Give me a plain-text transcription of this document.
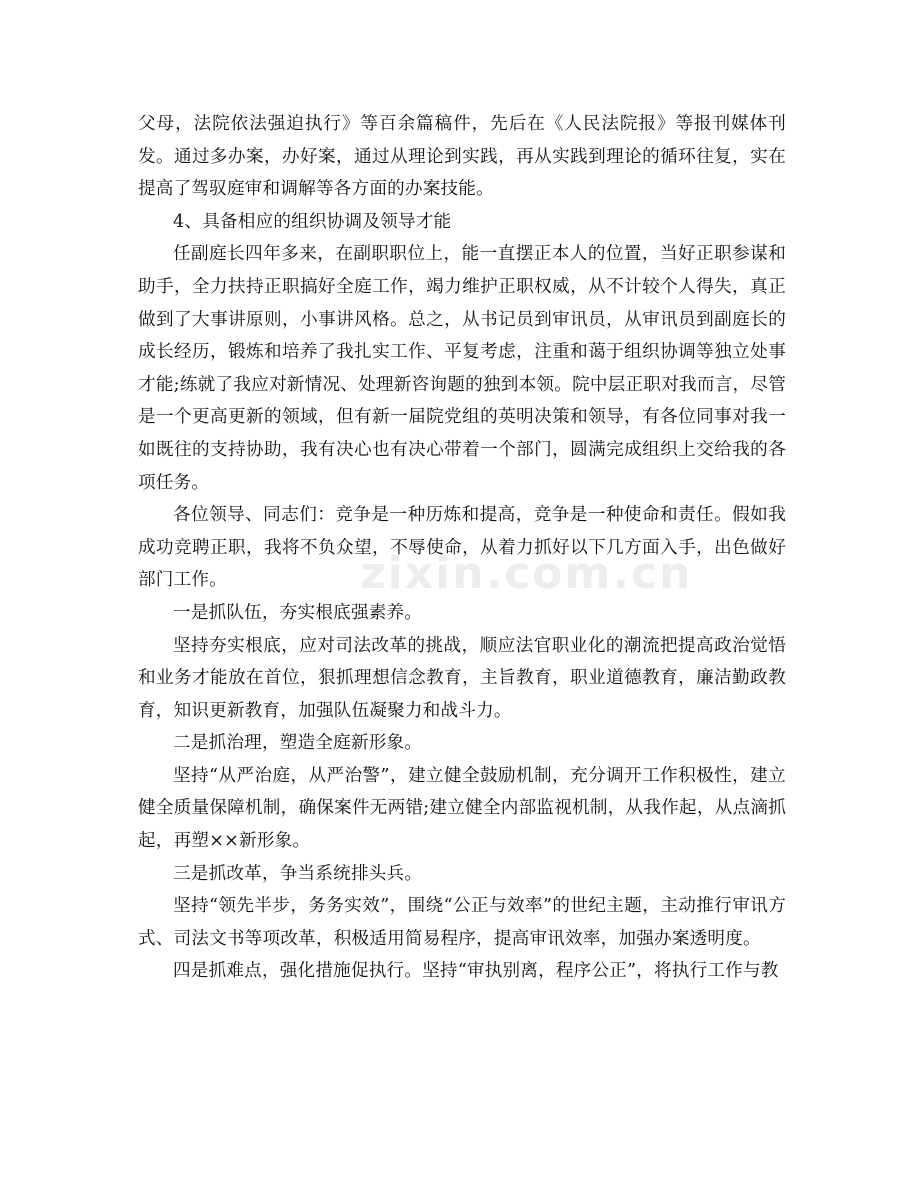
父母，法院依法强迫执行》等百余篇稿件，先后在《人民法院报》等报刊媒体刊发。通过多办案，办好案，通过从理论到实践，再从实践到理论的循环往复，实在提高了驾驭庭审和调解等各方面的办案技能。

4、具备相应的组织协调及领导才能

任副庭长四年多来，在副职职位上，能一直摆正本人的位置，当好正职参谋和助手，全力扶持正职搞好全庭工作，竭力维护正职权威，从不计较个人得失，真正做到了大事讲原则，小事讲风格。总之，从书记员到审讯员，从审讯员到副庭长的成长经历，锻炼和培养了我扎实工作、平复考虑，注重和蔼于组织协调等独立处事才能;练就了我应对新情况、处理新咨询题的独到本领。院中层正职对我而言，尽管是一个更高更新的领域，但有新一届院党组的英明决策和领导，有各位同事对我一如既往的支持协助，我有决心也有决心带着一个部门，圆满完成组织上交给我的各项任务。

各位领导、同志们：竞争是一种历炼和提高，竞争是一种使命和责任。假如我成功竞聘正职，我将不负众望，不辱使命，从着力抓好以下几方面入手，出色做好部门工作。

一是抓队伍，夯实根底强素养。

坚持夯实根底，应对司法改革的挑战，顺应法官职业化的潮流把提高政治觉悟和业务才能放在首位，狠抓理想信念教育，主旨教育，职业道德教育，廉洁勤政教育，知识更新教育，加强队伍凝聚力和战斗力。

二是抓治理，塑造全庭新形象。

坚持“从严治庭，从严治警”，建立健全鼓励机制，充分调开工作积极性，建立健全质量保障机制，确保案件无两错;建立健全内部监视机制，从我作起，从点滴抓起，再塑××新形象。

三是抓改革，争当系统排头兵。

坚持“领先半步，务务实效”，围绕“公正与效率”的世纪主题，主动推行审讯方式、司法文书等项改革，积极适用简易程序，提高审讯效率，加强办案透明度。

四是抓难点，强化措施促执行。坚持“审执别离，程序公正”，将执行工作与教

zixin.com.cn
